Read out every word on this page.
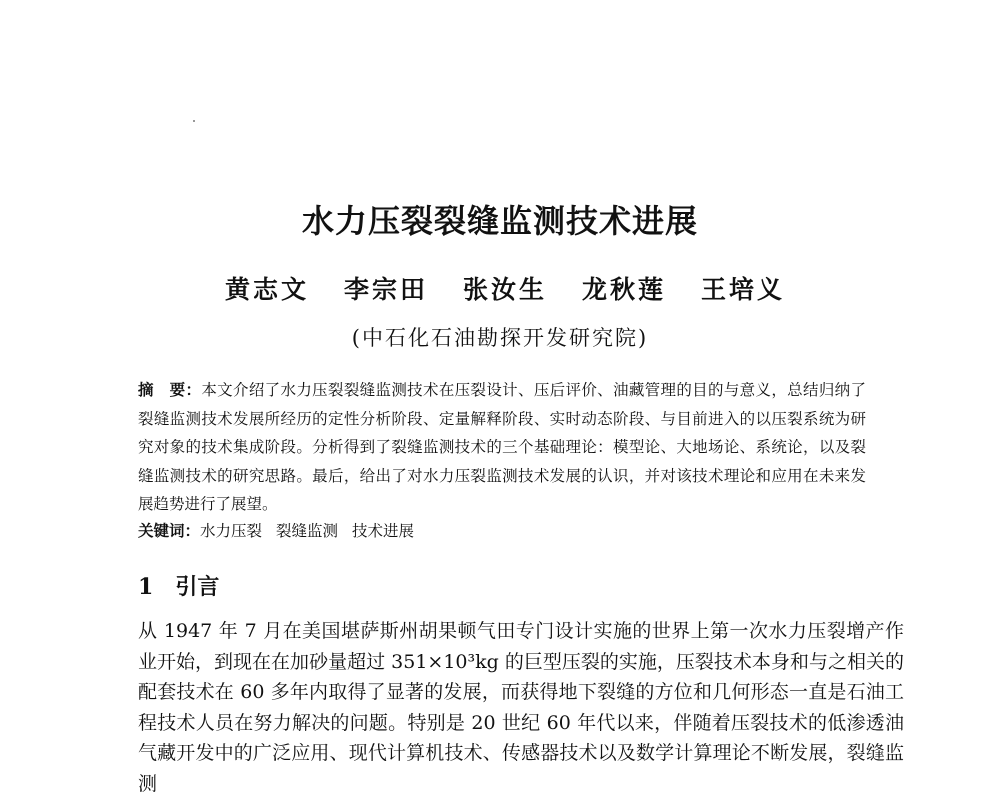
水力压裂裂缝监测技术进展
黄志文 李宗田 张汝生 龙秋莲 王培义
(中石化石油勘探开发研究院)
摘　要：本文介绍了水力压裂裂缝监测技术在压裂设计、压后评价、油藏管理的目的与意义，总结归纳了裂缝监测技术发展所经历的定性分析阶段、定量解释阶段、实时动态阶段、与目前进入的以压裂系统为研究对象的技术集成阶段。分析得到了裂缝监测技术的三个基础理论：模型论、大地场论、系统论，以及裂缝监测技术的研究思路。最后，给出了对水力压裂监测技术发展的认识，并对该技术理论和应用在未来发展趋势进行了展望。
关键词：水力压裂 裂缝监测 技术进展
1 引言

从 1947 年 7 月在美国堪萨斯州胡果顿气田专门设计实施的世界上第一次水力压裂增产作业开始，到现在在加砂量超过 351×10³kg 的巨型压裂的实施，压裂技术本身和与之相关的配套技术在 60 多年内取得了显著的发展，而获得地下裂缝的方位和几何形态一直是石油工程技术人员在努力解决的问题。特别是 20 世纪 60 年代以来，伴随着压裂技术的低渗透油气藏开发中的广泛应用、现代计算机技术、传感器技术以及数学计算理论不断发展，裂缝监测
